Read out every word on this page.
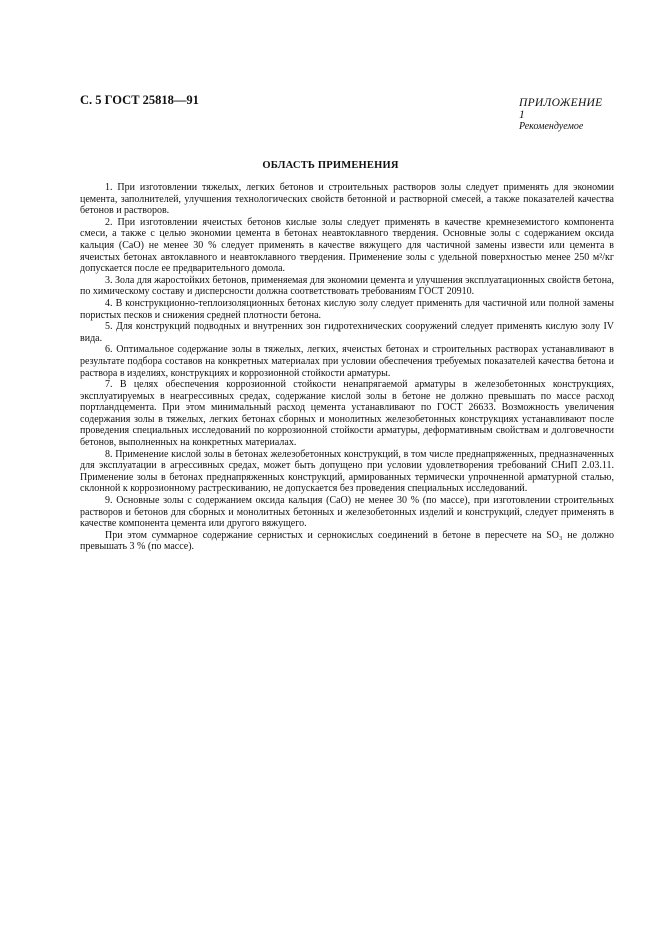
С. 5 ГОСТ 25818—91	ПРИЛОЖЕНИЕ 1
Рекомендуемое
ОБЛАСТЬ ПРИМЕНЕНИЯ

1. При изготовлении тяжелых, легких бетонов и строительных растворов золы следует применять для экономии цемента, заполнителей, улучшения технологических свойств бетонной и растворной смесей, а также показателей качества бетонов и растворов.

2. При изготовлении ячеистых бетонов кислые золы следует применять в качестве кремнеземистого компонента смеси, а также с целью экономии цемента в бетонах неавтоклавного твердения. Основные золы с содержанием оксида кальция (CaO) не менее 30 % следует применять в качестве вяжущего для частичной замены извести или цемента в ячеистых бетонах автоклавного и неавтоклавного твердения. Применение золы с удельной поверхностью менее 250 м²/кг допускается после ее предварительного домола.

3. Зола для жаростойких бетонов, применяемая для экономии цемента и улучшения эксплуатационных свойств бетона, по химическому составу и дисперсности должна соответствовать требованиям ГОСТ 20910.

4. В конструкционно-теплоизоляционных бетонах кислую золу следует применять для частичной или полной замены пористых песков и снижения средней плотности бетона.

5. Для конструкций подводных и внутренних зон гидротехнических сооружений следует применять кислую золу IV вида.

6. Оптимальное содержание золы в тяжелых, легких, ячеистых бетонах и строительных растворах устанавливают в результате подбора составов на конкретных материалах при условии обеспечения требуемых показателей качества бетона и раствора в изделиях, конструкциях и коррозионной стойкости арматуры.

7. В целях обеспечения коррозионной стойкости ненапрягаемой арматуры в железобетонных конструкциях, эксплуатируемых в неагрессивных средах, содержание кислой золы в бетоне не должно превышать по массе расход портландцемента. При этом минимальный расход цемента устанавливают по ГОСТ 26633. Возможность увеличения содержания золы в тяжелых, легких бетонах сборных и монолитных железобетонных конструкциях устанавливают после проведения специальных исследований по коррозионной стойкости арматуры, деформативным свойствам и долговечности бетонов, выполненных на конкретных материалах.

8. Применение кислой золы в бетонах железобетонных конструкций, в том числе преднапряженных, предназначенных для эксплуатации в агрессивных средах, может быть допущено при условии удовлетворения требований СНиП 2.03.11. Применение золы в бетонах преднапряженных конструкций, армированных термически упрочненной арматурной сталью, склонной к коррозионному растрескиванию, не допускается без проведения специальных исследований.

9. Основные золы с содержанием оксида кальция (CaO) не менее 30 % (по массе), при изготовлении строительных растворов и бетонов для сборных и монолитных бетонных и железобетонных изделий и конструкций, следует применять в качестве компонента цемента или другого вяжущего.

При этом суммарное содержание сернистых и сернокислых соединений в бетоне в пересчете на SO₃ не должно превышать 3 % (по массе).
